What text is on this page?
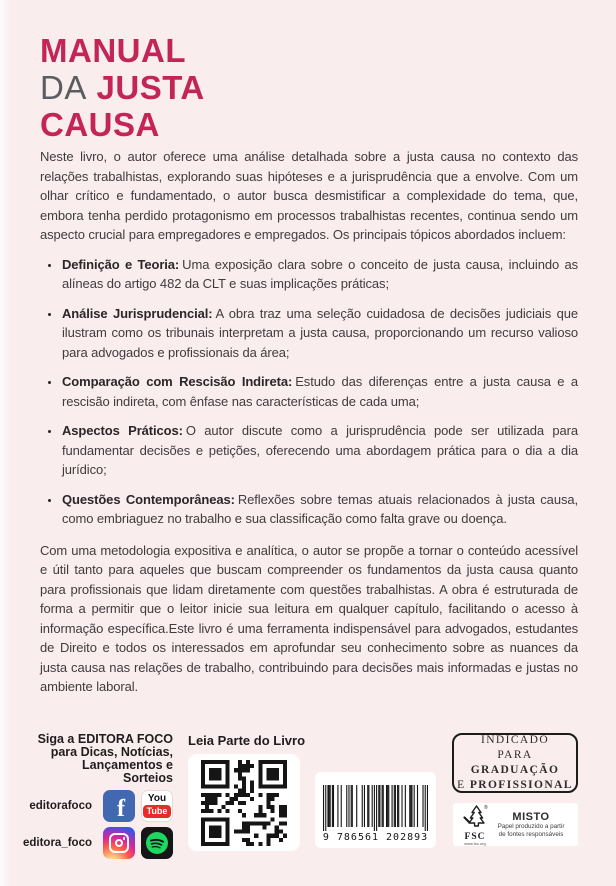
MANUAL
DA JUSTA
CAUSA

Neste livro, o autor oferece uma análise detalhada sobre a justa causa no contexto das relações trabalhistas, explorando suas hipóteses e a jurisprudência que a envolve. Com um olhar crítico e fundamentado, o autor busca desmistificar a complexidade do tema, que, embora tenha perdido protagonismo em processos trabalhistas recentes, continua sendo um aspecto crucial para empregadores e empregados. Os principais tópicos abordados incluem:

• Definição e Teoria: Uma exposição clara sobre o conceito de justa causa, incluindo as alíneas do artigo 482 da CLT e suas implicações práticas;
• Análise Jurisprudencial: A obra traz uma seleção cuidadosa de decisões judiciais que ilustram como os tribunais interpretam a justa causa, proporcionando um recurso valioso para advogados e profissionais da área;
• Comparação com Rescisão Indireta: Estudo das diferenças entre a justa causa e a rescisão indireta, com ênfase nas características de cada uma;
• Aspectos Práticos: O autor discute como a jurisprudência pode ser utilizada para fundamentar decisões e petições, oferecendo uma abordagem prática para o dia a dia jurídico;
• Questões Contemporâneas: Reflexões sobre temas atuais relacionados à justa causa, como embriaguez no trabalho e sua classificação como falta grave ou doença.

Com uma metodologia expositiva e analítica, o autor se propõe a tornar o conteúdo acessível e útil tanto para aqueles que buscam compreender os fundamentos da justa causa quanto para profissionais que lidam diretamente com questões trabalhistas. A obra é estruturada de forma a permitir que o leitor inicie sua leitura em qualquer capítulo, facilitando o acesso à informação específica.Este livro é uma ferramenta indispensável para advogados, estudantes de Direito e todos os interessados em aprofundar seu conhecimento sobre as nuances da justa causa nas relações de trabalho, contribuindo para decisões mais informadas e justas no ambiente laboral.

Siga a EDITORA FOCO
para Dicas, Notícias,
Lançamentos e Sorteios
editorafoco f You
Tube
editora_foco
Leia Parte do Livro
9 786561 202893
INDICADO
PARA GRADUAÇÃO
E PROFISSIONAL
®
FSC
www.fsc.org
MISTO
Papel produzido a partir
de fontes responsáveis
